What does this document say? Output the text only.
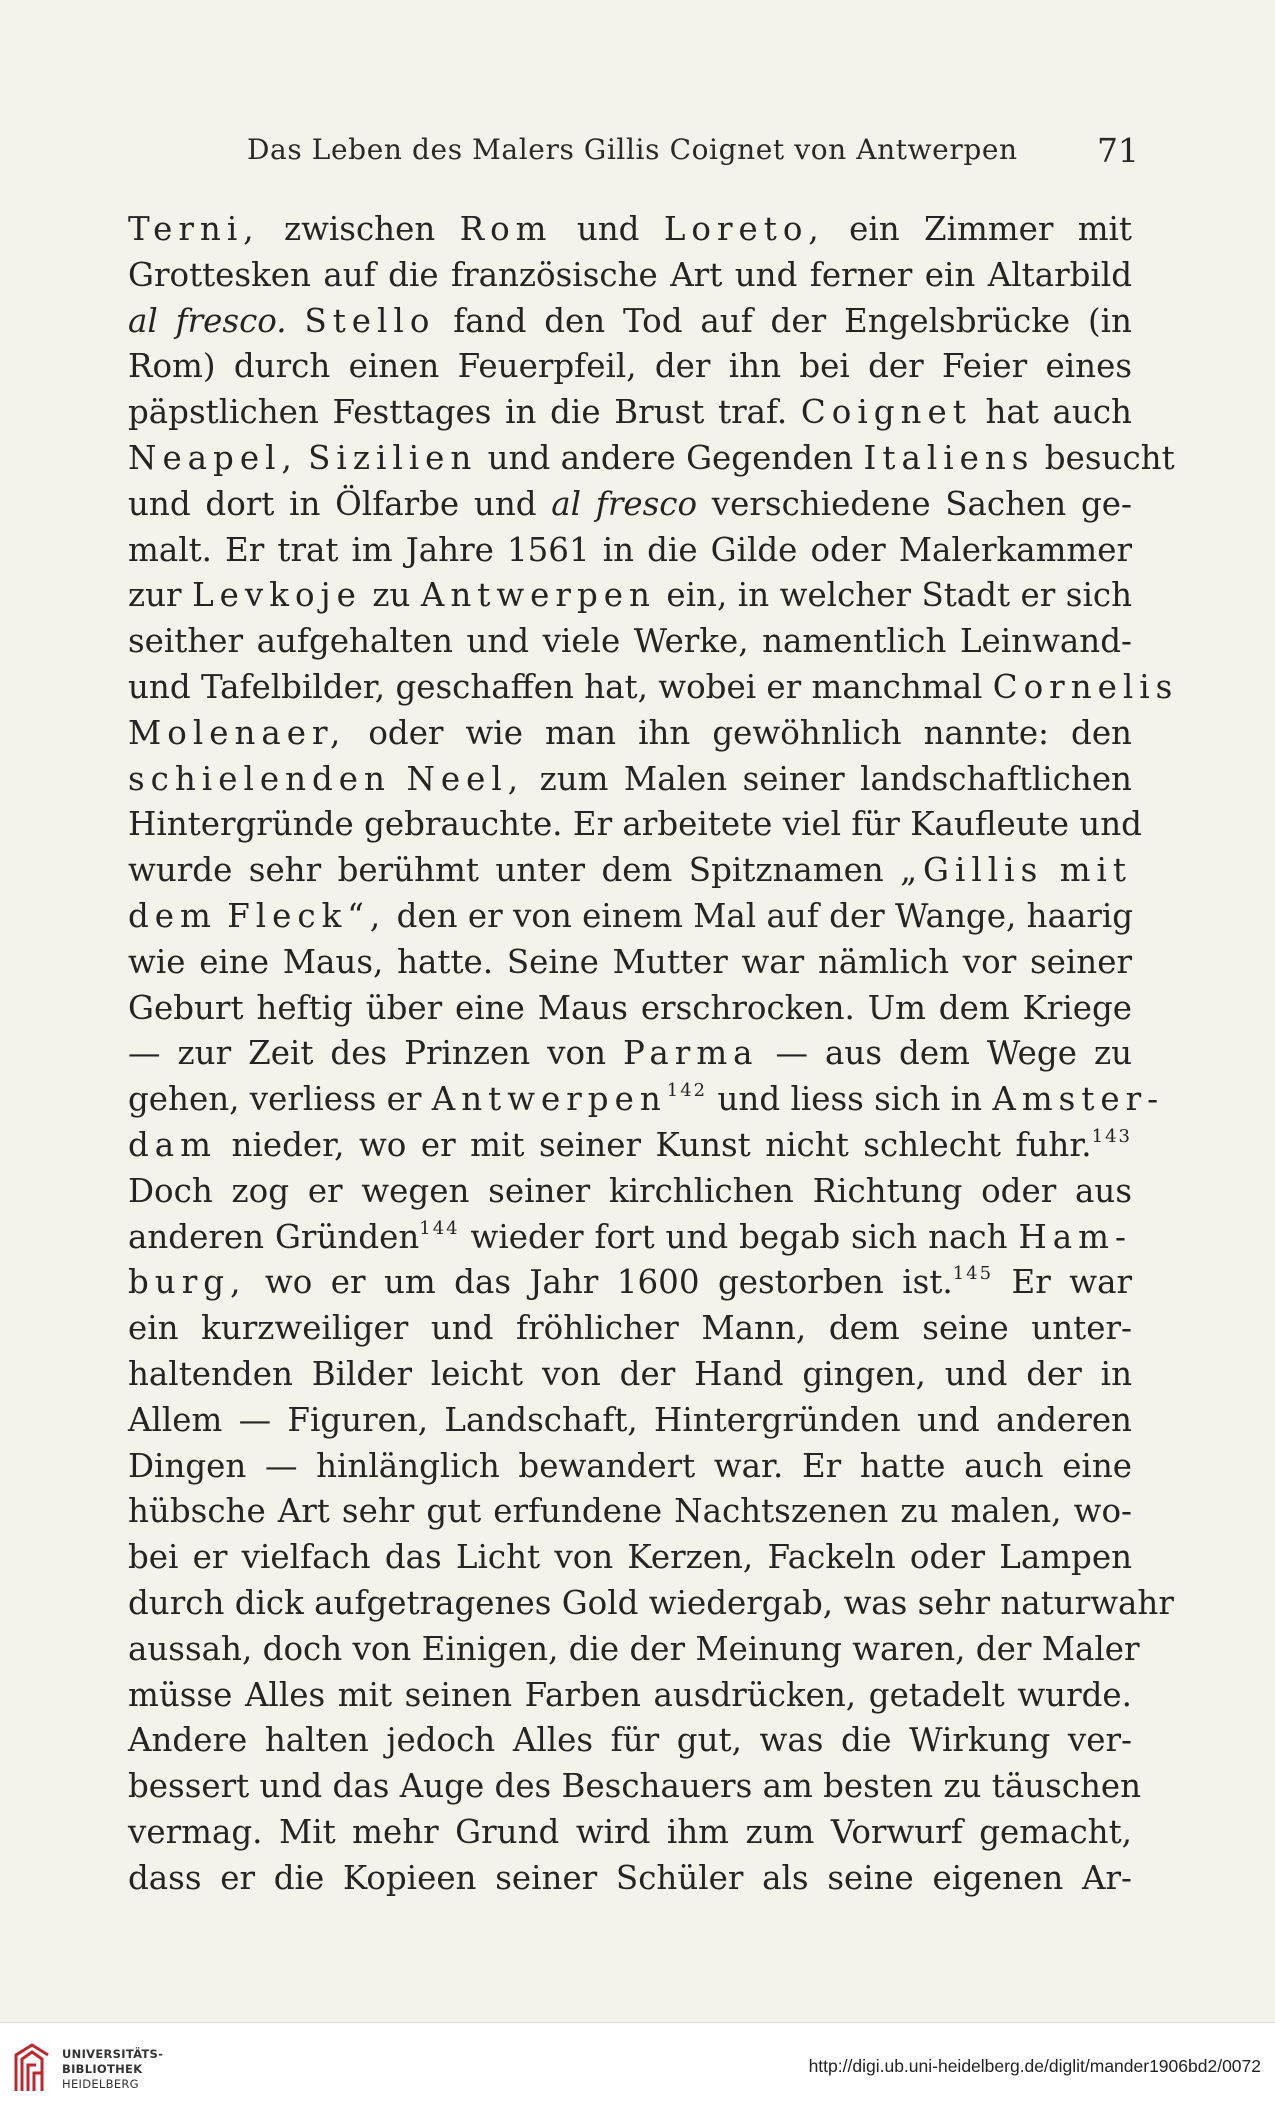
Das Leben des Malers Gillis Coignet von Antwerpen 71
Terni, zwischen Rom und Loreto, ein Zimmer mit
Grottesken auf die französische Art und ferner ein Altarbild
al fresco. Stello fand den Tod auf der Engelsbrücke (in
Rom) durch einen Feuerpfeil, der ihn bei der Feier eines
päpstlichen Festtages in die Brust traf. Coignet hat auch
Neapel, Sizilien und andere Gegenden Italiens besucht
und dort in Ölfarbe und al fresco verschiedene Sachen ge-
malt. Er trat im Jahre 1561 in die Gilde oder Malerkammer
zur Levkoje zu Antwerpen ein, in welcher Stadt er sich
seither aufgehalten und viele Werke, namentlich Leinwand-
und Tafelbilder, geschaffen hat, wobei er manchmal Cornelis
Molenaer, oder wie man ihn gewöhnlich nannte: den
schielenden Neel, zum Malen seiner landschaftlichen
Hintergründe gebrauchte. Er arbeitete viel für Kaufleute und
wurde sehr berühmt unter dem Spitznamen „Gillis mit
dem Fleck“, den er von einem Mal auf der Wange, haarig
wie eine Maus, hatte. Seine Mutter war nämlich vor seiner
Geburt heftig über eine Maus erschrocken. Um dem Kriege
— zur Zeit des Prinzen von Parma — aus dem Wege zu
gehen, verliess er Antwerpen$^{142}$ und liess sich in Amster-
dam nieder, wo er mit seiner Kunst nicht schlecht fuhr.$^{143}$
Doch zog er wegen seiner kirchlichen Richtung oder aus
anderen Gründen$^{144}$ wieder fort und begab sich nach Ham-
burg, wo er um das Jahr 1600 gestorben ist.$^{145}$ Er war
ein kurzweiliger und fröhlicher Mann, dem seine unter-
haltenden Bilder leicht von der Hand gingen, und der in
Allem — Figuren, Landschaft, Hintergründen und anderen
Dingen — hinlänglich bewandert war. Er hatte auch eine
hübsche Art sehr gut erfundene Nachtszenen zu malen, wo-
bei er vielfach das Licht von Kerzen, Fackeln oder Lampen
durch dick aufgetragenes Gold wiedergab, was sehr naturwahr
aussah, doch von Einigen, die der Meinung waren, der Maler
müsse Alles mit seinen Farben ausdrücken, getadelt wurde.
Andere halten jedoch Alles für gut, was die Wirkung ver-
bessert und das Auge des Beschauers am besten zu täuschen
vermag. Mit mehr Grund wird ihm zum Vorwurf gemacht,
dass er die Kopieen seiner Schüler als seine eigenen Ar-
UNIVERSITÄTS-
BIBLIOTHEK
HEIDELBERG
http://digi.ub.uni-heidelberg.de/diglit/mander1906bd2/0072
